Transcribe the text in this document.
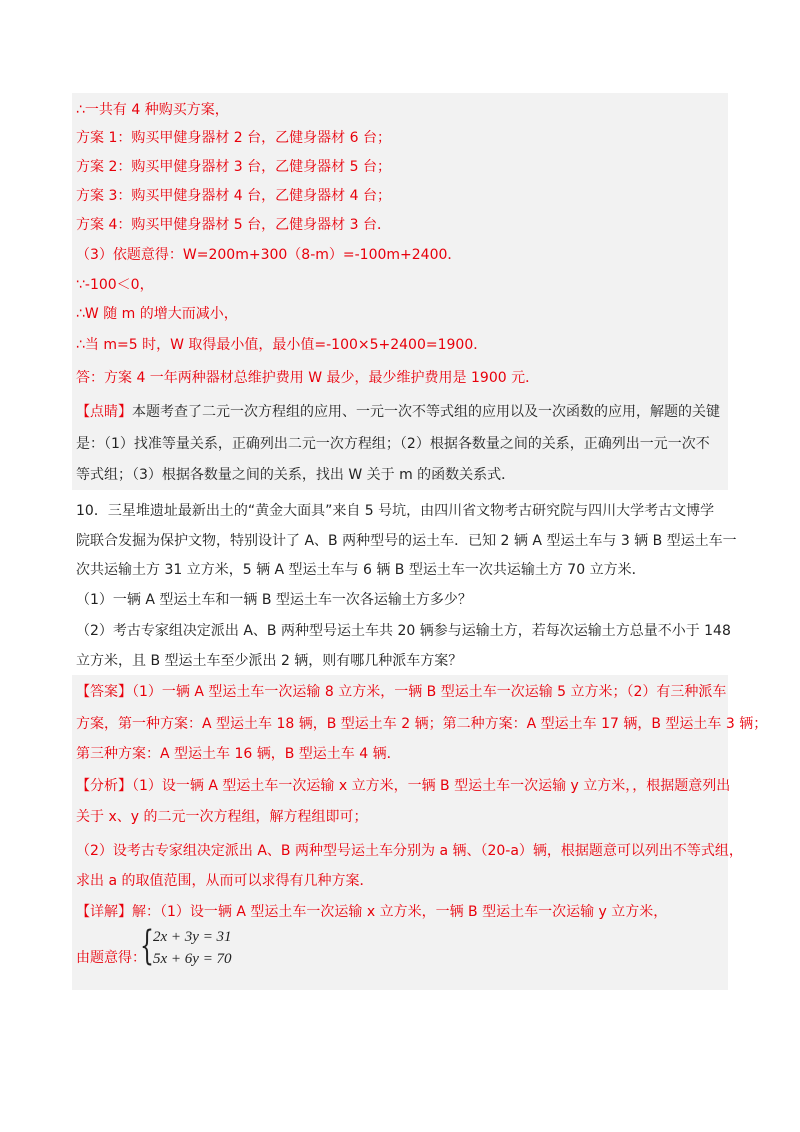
∴一共有 4 种购买方案，
方案 1：购买甲健身器材 2 台，乙健身器材 6 台；
方案 2：购买甲健身器材 3 台，乙健身器材 5 台；
方案 3：购买甲健身器材 4 台，乙健身器材 4 台；
方案 4：购买甲健身器材 5 台，乙健身器材 3 台．
（3）依题意得：W=200m+300（8-m）=-100m+2400．
∵-100＜0，
∴W 随 m 的增大而减小，
∴当 m=5 时，W 取得最小值，最小值=-100×5+2400=1900．
答：方案 4 一年两种器材总维护费用 W 最少，最少维护费用是 1900 元．
【点睛】本题考查了二元一次方程组的应用、一元一次不等式组的应用以及一次函数的应用，解题的关键
是：（1）找准等量关系，正确列出二元一次方程组；（2）根据各数量之间的关系，正确列出一元一次不
等式组；（3）根据各数量之间的关系，找出 W 关于 m 的函数关系式．
10．三星堆遗址最新出土的“黄金大面具”来自 5 号坑，由四川省文物考古研究院与四川大学考古文博学
院联合发掘为保护文物，特别设计了 A、B 两种型号的运土车．已知 2 辆 A 型运土车与 3 辆 B 型运土车一
次共运输土方 31 立方米，5 辆 A 型运土车与 6 辆 B 型运土车一次共运输土方 70 立方米．
（1）一辆 A 型运土车和一辆 B 型运土车一次各运输土方多少？
（2）考古专家组决定派出 A、B 两种型号运土车共 20 辆参与运输土方，若每次运输土方总量不小于 148
立方米，且 B 型运土车至少派出 2 辆，则有哪几种派车方案？
【答案】（1）一辆 A 型运土车一次运输 8 立方米，一辆 B 型运土车一次运输 5 立方米；（2）有三种派车
方案，第一种方案：A 型运土车 18 辆，B 型运土车 2 辆；第二种方案：A 型运土车 17 辆，B 型运土车 3 辆；
第三种方案：A 型运土车 16 辆，B 型运土车 4 辆．
【分析】（1）设一辆 A 型运土车一次运输 x 立方米，一辆 B 型运土车一次运输 y 立方米，，根据题意列出
关于 x、y 的二元一次方程组，解方程组即可；
（2）设考古专家组决定派出 A、B 两种型号运土车分别为 a 辆、（20-a）辆，根据题意可以列出不等式组，
求出 a 的取值范围，从而可以求得有几种方案．
【详解】解：（1）设一辆 A 型运土车一次运输 x 立方米，一辆 B 型运土车一次运输 y 立方米，
由题意得：
{ 2x + 3y = 31
5x + 6y = 70
